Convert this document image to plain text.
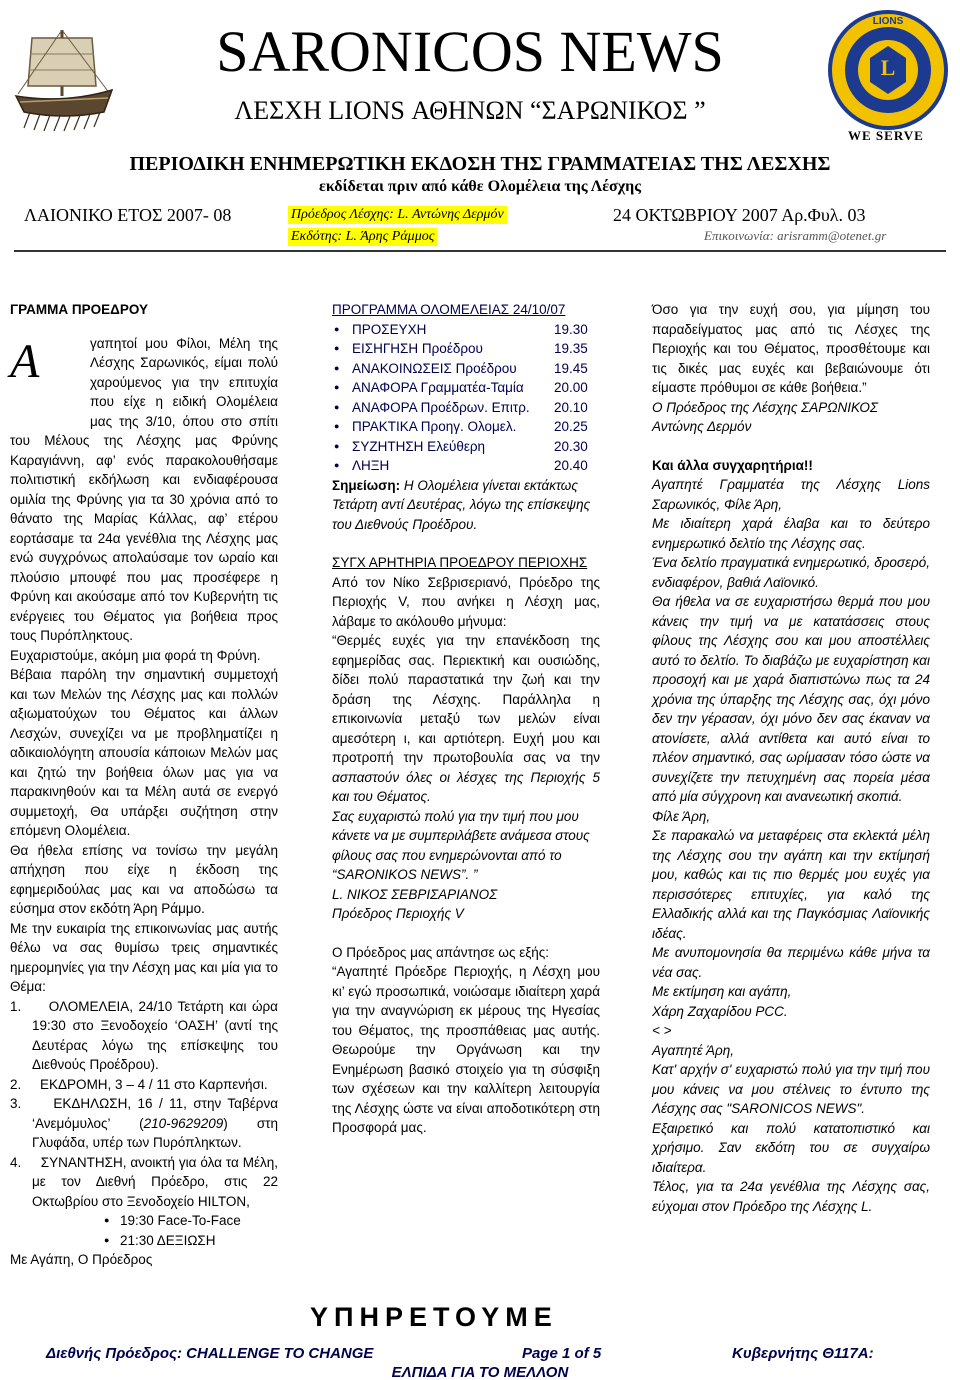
L
LIONS
SARONICOS NEWS
ΛΕΣΧΗ LIONS ΑΘΗΝΩΝ “ΣΑΡΩΝΙΚΟΣ ”
WE SERVE
ΠΕΡΙΟΔΙΚΗ ΕΝΗΜΕΡΩΤΙΚΗ ΕΚΔΟΣΗ ΤΗΣ ΓΡΑΜΜΑΤΕΙΑΣ ΤΗΣ ΛΕΣΧΗΣ
εκδίδεται πριν από κάθε Ολομέλεια της Λέσχης
ΛΑΙΟΝΙΚΟ ΕΤΟΣ 2007- 08	Πρόεδρος Λέσχης: L. Αντώνης Δερμόν
Εκδότης: L. Άρης Ράμμος
24 ΟΚΤΩΒΡΙΟΥ 2007 Αρ.Φυλ. 03
Επικοινωνία: arisramm@otenet.gr
ΓΡΑΜΜΑ ΠΡΟΕΔΡΟΥ
Α	γαπητοί μου Φίλοι, Μέλη της Λέσχης Σαρωνικός, είμαι πολύ χαρούμενος για την επιτυχία που είχε η ειδική Ολομέλεια μας της 3/10, όπου στο σπίτι του Μέλους της Λέσχης μας Φρύνης Καραγιάννη, αφ’ ενός παρακολουθήσαμε πολιτιστική εκδήλωση και ενδιαφέρουσα ομιλία της Φρύνης για τα 30 χρόνια από το θάνατο της Μαρίας Κάλλας, αφ’ ετέρου εορτάσαμε τα 24α γενέθλια της Λέσχης μας ενώ συγχρόνως απολαύσαμε τον ωραίο και πλούσιο μπουφέ που μας προσέφερε η Φρύνη και ακούσαμε από τον Κυβερνήτη τις ενέργειες του Θέματος για βοήθεια προς τους Πυρόπληκτους.
Ευχαριστούμε, ακόμη μια φορά τη Φρύνη.
Βέβαια παρόλη την σημαντική συμμετοχή και των Μελών της Λέσχης μας και πολλών αξιωματούχων του Θέματος και άλλων Λεσχών, συνεχίζει να με προβληματίζει η αδικαιολόγητη απουσία κάποιων Μελών μας και ζητώ την βοήθεια όλων μας για να παρακινηθούν και τα Μέλη αυτά σε ενεργό συμμετοχή, Θα υπάρξει συζήτηση στην επόμενη Ολομέλεια.
Θα ήθελα επίσης να τονίσω την μεγάλη απήχηση που είχε η έκδοση της εφημεριδούλας μας και να αποδώσω τα εύσημα στον εκδότη Άρη Ράμμο.
Με την ευκαιρία της επικοινωνίας μας αυτής θέλω να σας θυμίσω τρεις σημαντικές ημερομηνίες για την Λέσχη μας και μία για το Θέμα:
1. ΟΛΟΜΕΛΕΙΑ, 24/10 Τετάρτη και ώρα 19:30 στο Ξενοδοχείο ‘ΟΑΣΗ’ (αντί της Δευτέρας λόγω της επίσκεψης του Διεθνούς Προέδρου).
2. ΕΚΔΡΟΜΗ, 3 – 4 / 11 στο Καρπενήσι.
3. ΕΚΔΗΛΩΣΗ, 16 / 11, στην Ταβέρνα ‘Ανεμόμυλος’ (210-9629209) στη Γλυφάδα, υπέρ των Πυρόπληκτων.
4. ΣΥΝΑΝΤΗΣΗ, ανοικτή για όλα τα Μέλη, με τον Διεθνή Πρόεδρο, στις 22 Οκτωβρίου στο Ξενοδοχείο HILTON,
● 19:30 Face-To-Face
● 21:30 ΔΕΞΙΩΣΗ
Με Αγάπη, Ο Πρόεδρος
ΠΡΟΓΡΑΜΜΑ ΟΛΟΜΕΛΕΙΑΣ 24/10/07
● ΠΡΟΣΕΥΧΗ	19.30
● ΕΙΣΗΓΗΣΗ Προέδρου	19.35
● ΑΝΑΚΟΙΝΩΣΕΙΣ Προέδρου	19.45
● ΑΝΑΦΟΡΑ Γραμματέα-Ταμία	20.00
● ΑΝΑΦΟΡΑ Προέδρων. Επιτρ.	20.10
● ΠΡΑΚΤΙΚΑ Προηγ. Ολομελ.	20.25
● ΣΥΖΗΤΗΣΗ Ελεύθερη	20.30
● ΛΗΞΗ	20.40
Σημείωση: Η Ολομέλεια γίνεται εκτάκτως Τετάρτη αντί Δευτέρας, λόγω της επίσκεψης του Διεθνούς Προέδρου.
ΣΥΓΧ ΑΡΗΤΗΡΙΑ ΠΡΟΕΔΡΟΥ ΠΕΡΙΟΧΗΣ
Από τον Νίκο Σεβρισεριανό, Πρόεδρο της Περιοχής V, που ανήκει η Λέσχη μας, λάβαμε το ακόλουθο μήνυμα:
“Θερμές ευχές για την επανέκδοση της εφημερίδας σας. Περιεκτική και ουσιώδης, δίδει πολύ παραστατικά την ζωή και την δράση της Λέσχης. Παράλληλα η επικοινωνία μεταξύ των μελών είναι αμεσότερη ι, και αρτιότερη. Ευχή μου και προτροπή την πρωτοβουλία σας να την ασπαστούν όλες οι λέσχες της Περιοχής 5 και του Θέματος.
Σας ευχαριστώ πολύ για την τιμή που μου κάνετε να με συμπεριλάβετε ανάμεσα στους φίλους σας που ενημερώνονται από το “SARONIKOS NEWS”. ”
L. ΝΙΚΟΣ ΣΕΒΡΙΣΑΡΙΑΝΟΣ
Πρόεδρος Περιοχής V
Ο Πρόεδρος μας απάντησε ως εξής:
“Αγαπητέ Πρόεδρε Περιοχής, η Λέσχη μου κι’ εγώ προσωπικά, νοιώσαμε ιδιαίτερη χαρά για την αναγνώριση εκ μέρους της Ηγεσίας του Θέματος, της προσπάθειας μας αυτής. Θεωρούμε την Οργάνωση και την Ενημέρωση βασικό στοιχείο για τη σύσφιξη των σχέσεων και την καλλίτερη λειτουργία της Λέσχης ώστε να είναι αποδοτικότερη στη Προσφορά μας.
Όσο για την ευχή σου, για μίμηση του παραδείγματος μας από τις Λέσχες της Περιοχής και του Θέματος, προσθέτουμε και τις δικές μας ευχές και βεβαιώνουμε ότι είμαστε πρόθυμοι σε κάθε βοήθεια.”
Ο Πρόεδρος της Λέσχης ΣΑΡΩΝΙΚΟΣ
Αντώνης Δερμόν
Και άλλα συγχαρητήρια!!
Αγαπητέ Γραμματέα της Λέσχης Lions Σαρωνικός, Φίλε Άρη,
Με ιδιαίτερη χαρά έλαβα και το δεύτερο ενημερωτικό δελτίο της Λέσχης σας.
Ένα δελτίο πραγματικά ενημερωτικό, δροσερό, ενδιαφέρον, βαθιά Λαϊονικό.
Θα ήθελα να σε ευχαριστήσω θερμά που μου κάνεις την τιμή να με κατατάσσεις στους φίλους της Λέσχης σου και μου αποστέλλεις αυτό το δελτίο. Το διαβάζω με ευχαρίστηση και προσοχή και με χαρά διαπιστώνω πως τα 24 χρόνια της ύπαρξης της Λέσχης σας, όχι μόνο δεν την γέρασαν, όχι μόνο δεν σας έκαναν να ατονίσετε, αλλά αντίθετα και αυτό είναι το πλέον σημαντικό, σας ωρίμασαν τόσο ώστε να συνεχίζετε την πετυχημένη σας πορεία μέσα από μία σύγχρονη και ανανεωτική σκοπιά.
Φίλε Άρη,
Σε παρακαλώ να μεταφέρεις στα εκλεκτά μέλη της Λέσχης σου την αγάπη και την εκτίμησή μου, καθώς και τις πιο θερμές μου ευχές για περισσότερες επιτυχίες, για καλό της Ελλαδικής αλλά και της Παγκόσμιας Λαϊονικής ιδέας.
Με ανυπομονησία θα περιμένω κάθε μήνα τα νέα σας.
Με εκτίμηση και αγάπη,
Χάρη Ζαχαρίδου PCC.
< >
Αγαπητέ Άρη,
Κατ' αρχήν σ' ευχαριστώ πολύ για την τιμή που μου κάνεις να μου στέλνεις το έντυπο της Λέσχης σας "SARONICOS NEWS".
Εξαιρετικό και πολύ κατατοπιστικό και χρήσιμο. Σαν εκδότη του σε συγχαίρω ιδιαίτερα.
Τέλος, για τα 24α γενέθλια της Λέσχης σας, εύχομαι στον Πρόεδρο της Λέσχης L.
ΥΠΗΡΕΤΟΥΜΕ
Διεθνής Πρόεδρος: CHALLENGE TO CHANGE	Page 1 of 5	Κυβερνήτης Θ117Α:
ΕΛΠΙΔΑ ΓΙΑ ΤΟ ΜΕΛΛΟΝ
